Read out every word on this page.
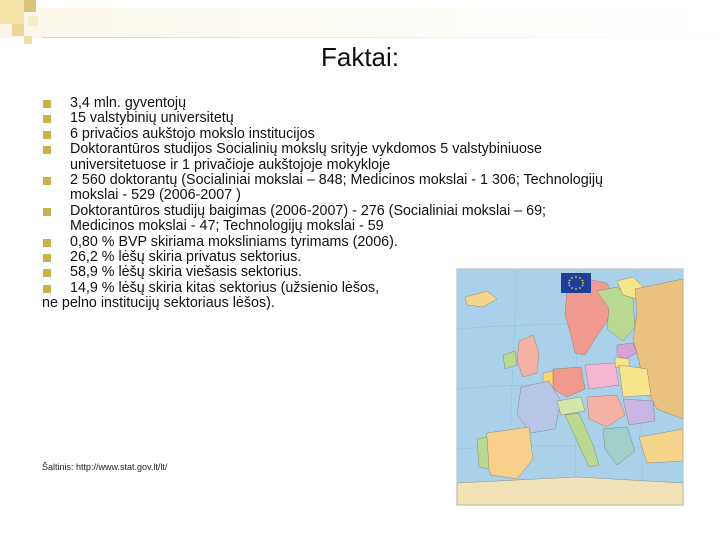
Faktai:
3,4 mln. gyventojų
15 valstybinių universitetų
6 privačios aukštojo mokslo institucijos
Doktorantūros studijos Socialinių mokslų srityje vykdomos 5 valstybiniuose universitetuose ir 1 privačioje aukštojoje mokykloje
2 560 doktorantų (Socialiniai mokslai – 848; Medicinos mokslai - 1 306; Technologijų mokslai - 529 (2006-2007 )
Doktorantūros studijų baigimas (2006-2007) - 276 (Socialiniai mokslai – 69; Medicinos mokslai - 47; Technologijų mokslai - 59
0,80 % BVP skiriama moksliniams tyrimams (2006).
26,2 % lėšų skiria privatus sektorius.
58,9 % lėšų skiria viešasis sektorius.
14,9 % lėšų skiria kitas sektorius (užsienio lėšos,
ne pelno institucijų sektoriaus lėšos).
Šaltinis: http://www.stat.gov.lt/lt/
